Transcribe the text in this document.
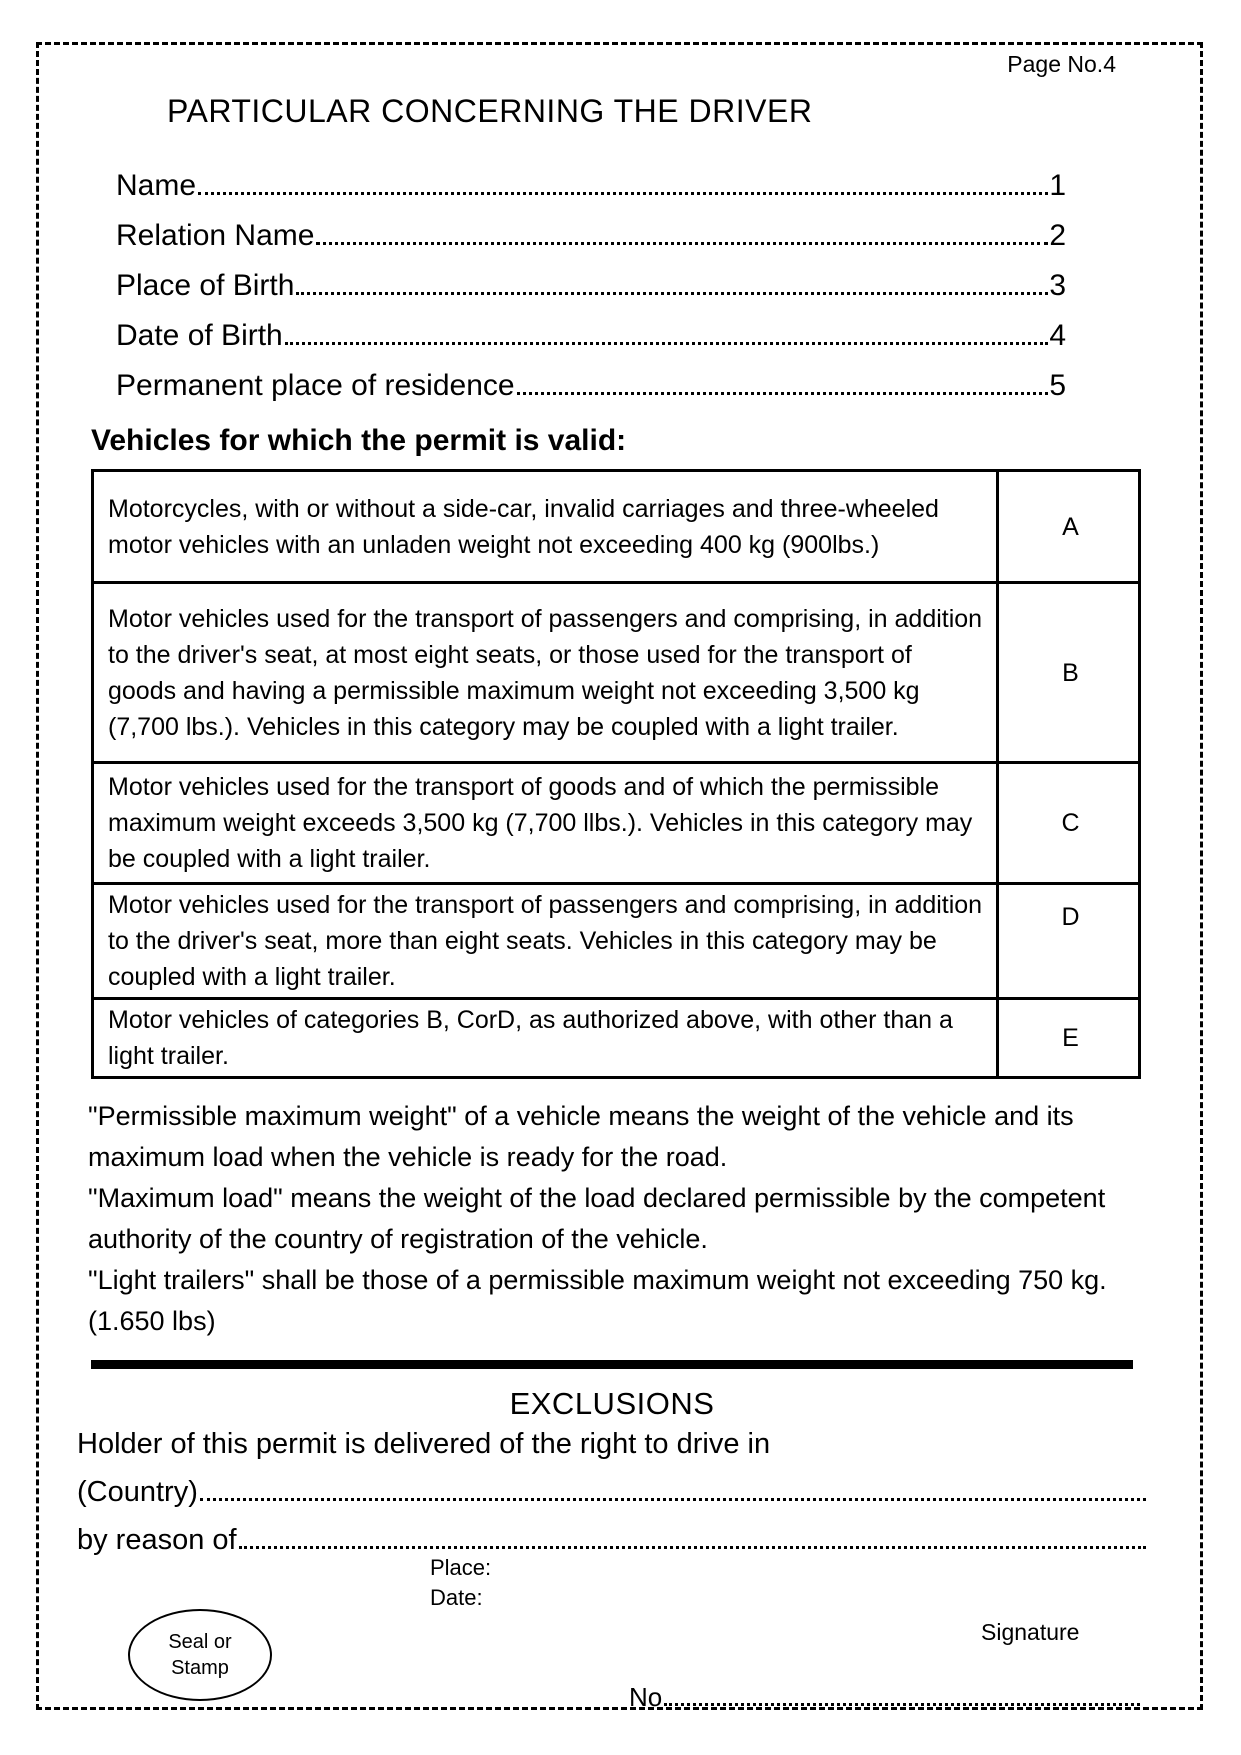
Page No.4
PARTICULAR CONCERNING THE DRIVER
Name	1
Relation Name	2
Place of Birth	3
Date of Birth	4
Permanent place of residence	5
Vehicles for which the permit is valid:
Motorcycles, with or without a side-car, invalid carriages and three-wheeled motor vehicles with an unladen weight not exceeding 400 kg (900lbs.)	A
Motor vehicles used for the transport of passengers and comprising, in addition to the driver's seat, at most eight seats, or those used for the transport of goods and having a permissible maximum weight not exceeding 3,500 kg (7,700 lbs.). Vehicles in this category may be coupled with a light trailer.	B
Motor vehicles used for the transport of goods and of which the permissible maximum weight exceeds 3,500 kg (7,700 llbs.). Vehicles in this category may be coupled with a light trailer.	C
Motor vehicles used for the transport of passengers and comprising, in addition to the driver's seat, more than eight seats. Vehicles in this category may be coupled with a light trailer.	D
Motor vehicles of categories B, CorD, as authorized above, with other than a light trailer.	E

"Permissible maximum weight" of a vehicle means the weight of the vehicle and its maximum load when the vehicle is ready for the road.

"Maximum load" means the weight of the load declared permissible by the competent authority of the country of registration of the vehicle.

"Light trailers" shall be those of a permissible maximum weight not exceeding 750 kg. (1.650 lbs)

EXCLUSIONS
Holder of this permit is delivered of the right to drive in
(Country)
by reason of
Place:
Date:
Signature
Seal or
Stamp
No
